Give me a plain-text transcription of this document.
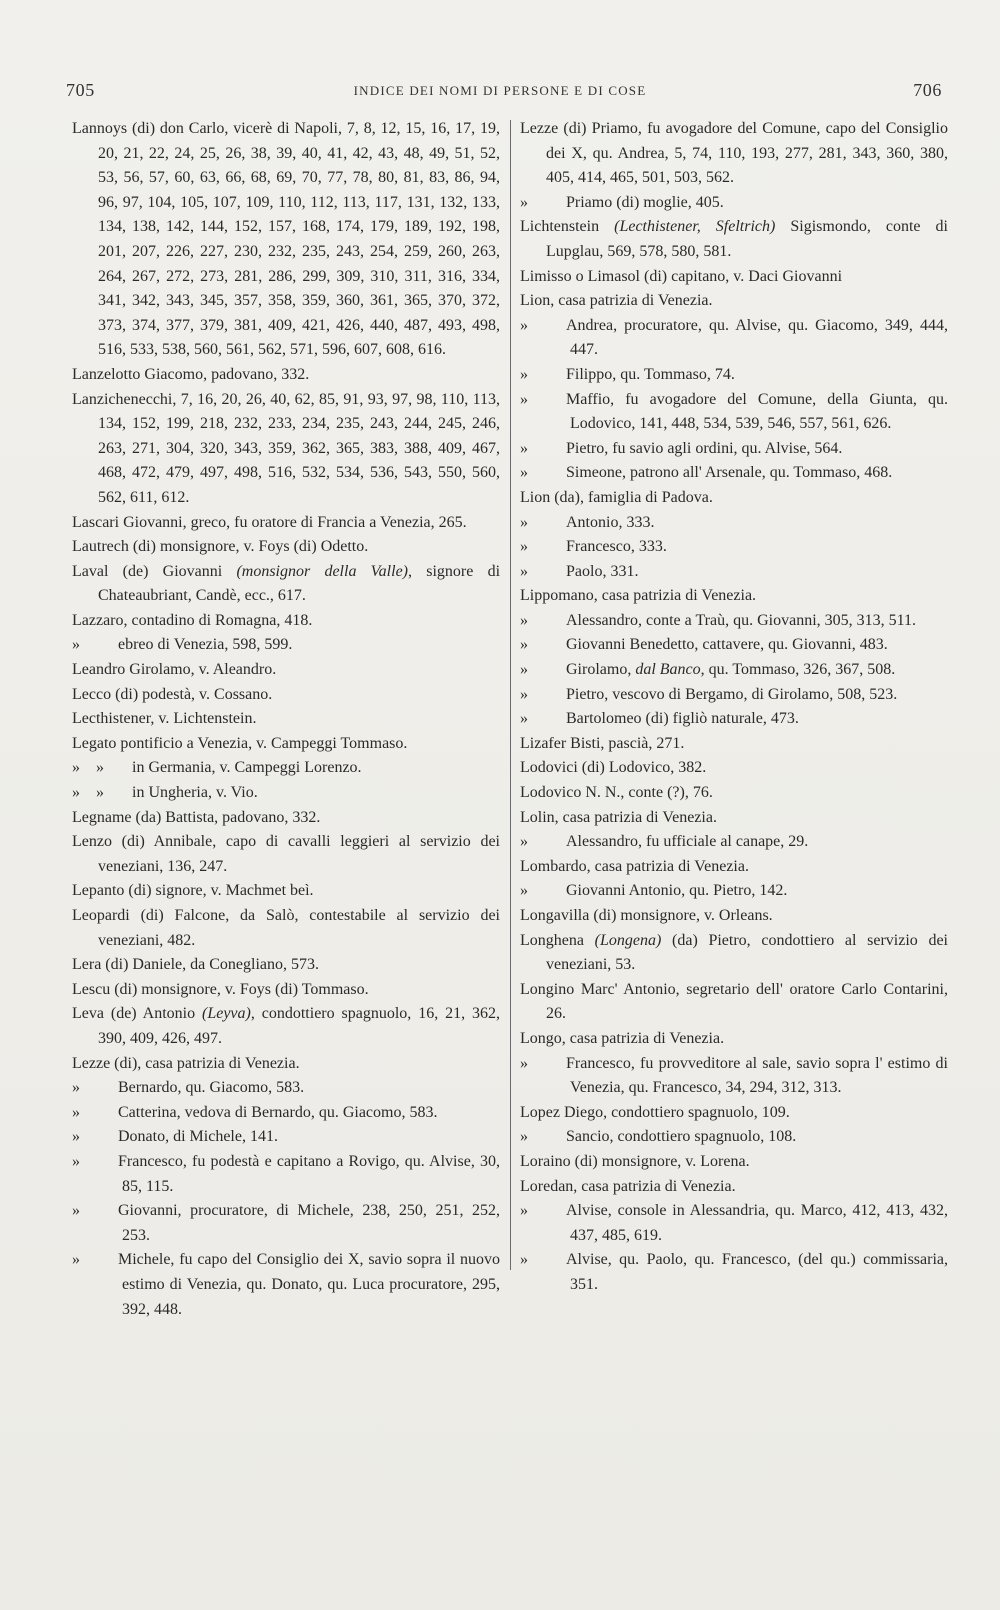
705	INDICE DEI NOMI DI PERSONE E DI COSE	706
Lannoys (di) don Carlo, vicerè di Napoli, 7, 8, 12, 15, 16, 17, 19, 20, 21, 22, 24, 25, 26, 38, 39, 40, 41, 42, 43, 48, 49, 51, 52, 53, 56, 57, 60, 63, 66, 68, 69, 70, 77, 78, 80, 81, 83, 86, 94, 96, 97, 104, 105, 107, 109, 110, 112, 113, 117, 131, 132, 133, 134, 138, 142, 144, 152, 157, 168, 174, 179, 189, 192, 198, 201, 207, 226, 227, 230, 232, 235, 243, 254, 259, 260, 263, 264, 267, 272, 273, 281, 286, 299, 309, 310, 311, 316, 334, 341, 342, 343, 345, 357, 358, 359, 360, 361, 365, 370, 372, 373, 374, 377, 379, 381, 409, 421, 426, 440, 487, 493, 498, 516, 533, 538, 560, 561, 562, 571, 596, 607, 608, 616.
Lanzelotto Giacomo, padovano, 332.
Lanzichenecchi, 7, 16, 20, 26, 40, 62, 85, 91, 93, 97, 98, 110, 113, 134, 152, 199, 218, 232, 233, 234, 235, 243, 244, 245, 246, 263, 271, 304, 320, 343, 359, 362, 365, 383, 388, 409, 467, 468, 472, 479, 497, 498, 516, 532, 534, 536, 543, 550, 560, 562, 611, 612.
Lascari Giovanni, greco, fu oratore di Francia a Venezia, 265.
Lautrech (di) monsignore, v. Foys (di) Odetto.
Laval (de) Giovanni (monsignor della Valle), signore di Chateaubriant, Candè, ecc., 617.
Lazzaro, contadino di Romagna, 418.
» ebreo di Venezia, 598, 599.
Leandro Girolamo, v. Aleandro.
Lecco (di) podestà, v. Cossano.
Lecthistener, v. Lichtenstein.
Legato pontificio a Venezia, v. Campeggi Tommaso.
» » in Germania, v. Campeggi Lorenzo.
» » in Ungheria, v. Vio.
Legname (da) Battista, padovano, 332.
Lenzo (di) Annibale, capo di cavalli leggieri al servizio dei veneziani, 136, 247.
Lepanto (di) signore, v. Machmet beì.
Leopardi (di) Falcone, da Salò, contestabile al servizio dei veneziani, 482.
Lera (di) Daniele, da Conegliano, 573.
Lescu (di) monsignore, v. Foys (di) Tommaso.
Leva (de) Antonio (Leyva), condottiero spagnuolo, 16, 21, 362, 390, 409, 426, 497.
Lezze (di), casa patrizia di Venezia.
» Bernardo, qu. Giacomo, 583.
» Catterina, vedova di Bernardo, qu. Giacomo, 583.
» Donato, di Michele, 141.
» Francesco, fu podestà e capitano a Rovigo, qu. Alvise, 30, 85, 115.
» Giovanni, procuratore, di Michele, 238, 250, 251, 252, 253.
» Michele, fu capo del Consiglio dei X, savio sopra il nuovo estimo di Venezia, qu. Donato, qu. Luca procuratore, 295, 392, 448.
Lezze (di) Priamo, fu avogadore del Comune, capo del Consiglio dei X, qu. Andrea, 5, 74, 110, 193, 277, 281, 343, 360, 380, 405, 414, 465, 501, 503, 562.
» Priamo (di) moglie, 405.
Lichtenstein (Lecthistener, Sfeltrich) Sigismondo, conte di Lupglau, 569, 578, 580, 581.
Limisso o Limasol (di) capitano, v. Daci Giovanni
Lion, casa patrizia di Venezia.
» Andrea, procuratore, qu. Alvise, qu. Giacomo, 349, 444, 447.
» Filippo, qu. Tommaso, 74.
» Maffio, fu avogadore del Comune, della Giunta, qu. Lodovico, 141, 448, 534, 539, 546, 557, 561, 626.
» Pietro, fu savio agli ordini, qu. Alvise, 564.
» Simeone, patrono all' Arsenale, qu. Tommaso, 468.
Lion (da), famiglia di Padova.
» Antonio, 333.
» Francesco, 333.
» Paolo, 331.
Lippomano, casa patrizia di Venezia.
» Alessandro, conte a Traù, qu. Giovanni, 305, 313, 511.
» Giovanni Benedetto, cattavere, qu. Giovanni, 483.
» Girolamo, dal Banco, qu. Tommaso, 326, 367, 508.
» Pietro, vescovo di Bergamo, di Girolamo, 508, 523.
» Bartolomeo (di) figliò naturale, 473.
Lizafer Bisti, pascià, 271.
Lodovici (di) Lodovico, 382.
Lodovico N. N., conte (?), 76.
Lolin, casa patrizia di Venezia.
» Alessandro, fu ufficiale al canape, 29.
Lombardo, casa patrizia di Venezia.
» Giovanni Antonio, qu. Pietro, 142.
Longavilla (di) monsignore, v. Orleans.
Longhena (Longena) (da) Pietro, condottiero al servizio dei veneziani, 53.
Longino Marc' Antonio, segretario dell' oratore Carlo Contarini, 26.
Longo, casa patrizia di Venezia.
» Francesco, fu provveditore al sale, savio sopra l' estimo di Venezia, qu. Francesco, 34, 294, 312, 313.
Lopez Diego, condottiero spagnuolo, 109.
» Sancio, condottiero spagnuolo, 108.
Loraino (di) monsignore, v. Lorena.
Loredan, casa patrizia di Venezia.
» Alvise, console in Alessandria, qu. Marco, 412, 413, 432, 437, 485, 619.
» Alvise, qu. Paolo, qu. Francesco, (del qu.) commissaria, 351.
